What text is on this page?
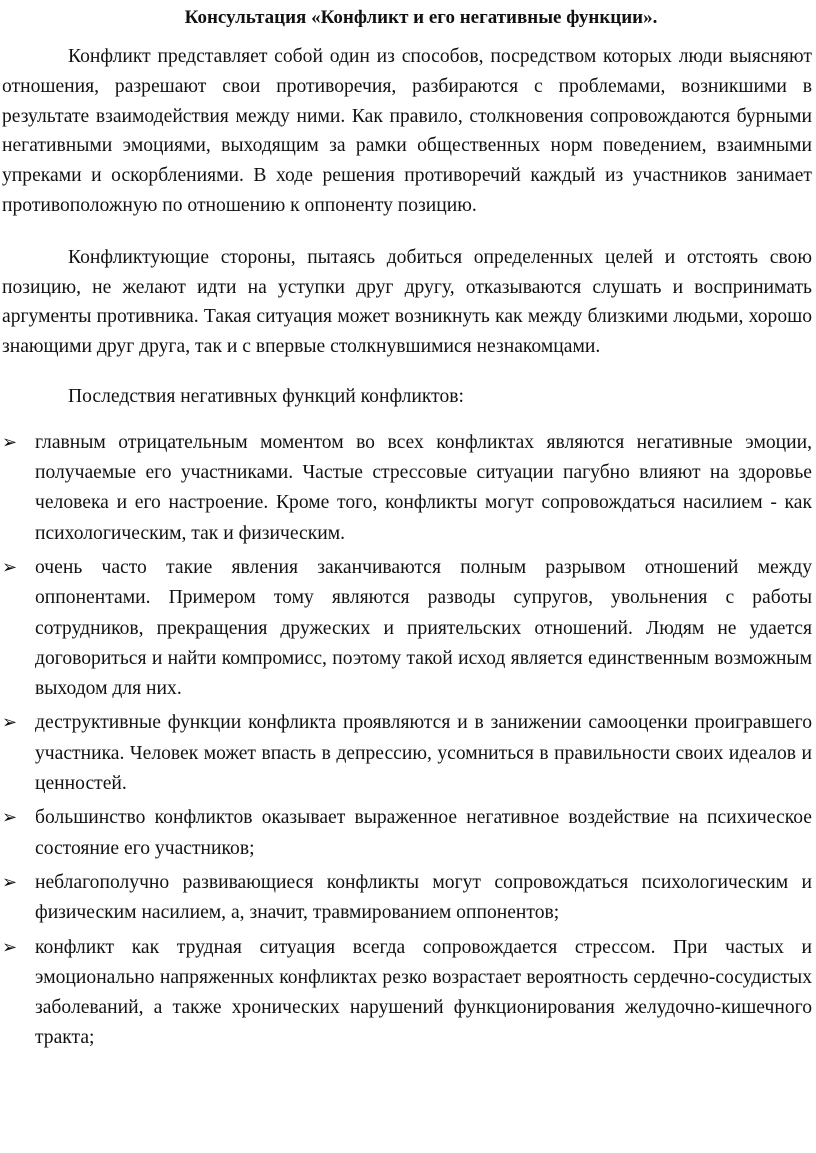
Консультация «Конфликт и его негативные функции».

Конфликт представляет собой один из способов, посредством которых люди выясняют отношения, разрешают свои противоречия, разбираются с проблемами, возникшими в результате взаимодействия между ними. Как правило, столкновения сопровождаются бурными негативными эмоциями, выходящим за рамки общественных норм поведением, взаимными упреками и оскорблениями. В ходе решения противоречий каждый из участников занимает противоположную по отношению к оппоненту позицию.

Конфликтующие стороны, пытаясь добиться определенных целей и отстоять свою позицию, не желают идти на уступки друг другу, отказываются слушать и воспринимать аргументы противника. Такая ситуация может возникнуть как между близкими людьми, хорошо знающими друг друга, так и с впервые столкнувшимися незнакомцами.

Последствия негативных функций конфликтов:

➢ главным отрицательным моментом во всех конфликтах являются негативные эмоции, получаемые его участниками. Частые стрессовые ситуации пагубно влияют на здоровье человека и его настроение. Кроме того, конфликты могут сопровождаться насилием - как психологическим, так и физическим.
➢ очень часто такие явления заканчиваются полным разрывом отношений между оппонентами. Примером тому являются разводы супругов, увольнения с работы сотрудников, прекращения дружеских и приятельских отношений. Людям не удается договориться и найти компромисс, поэтому такой исход является единственным возможным выходом для них.
➢ деструктивные функции конфликта проявляются и в занижении самооценки проигравшего участника. Человек может впасть в депрессию, усомниться в правильности своих идеалов и ценностей.
➢ большинство конфликтов оказывает выраженное негативное воздействие на психическое состояние его участников;
➢ неблагополучно развивающиеся конфликты могут сопровождаться психологическим и физическим насилием, а, значит, травмированием оппонентов;
➢ конфликт как трудная ситуация всегда сопровождается стрессом. При частых и эмоционально напряженных конфликтах резко возрастает вероятность сердечно-сосудистых заболеваний, а также хронических нарушений функционирования желудочно-кишечного тракта;
